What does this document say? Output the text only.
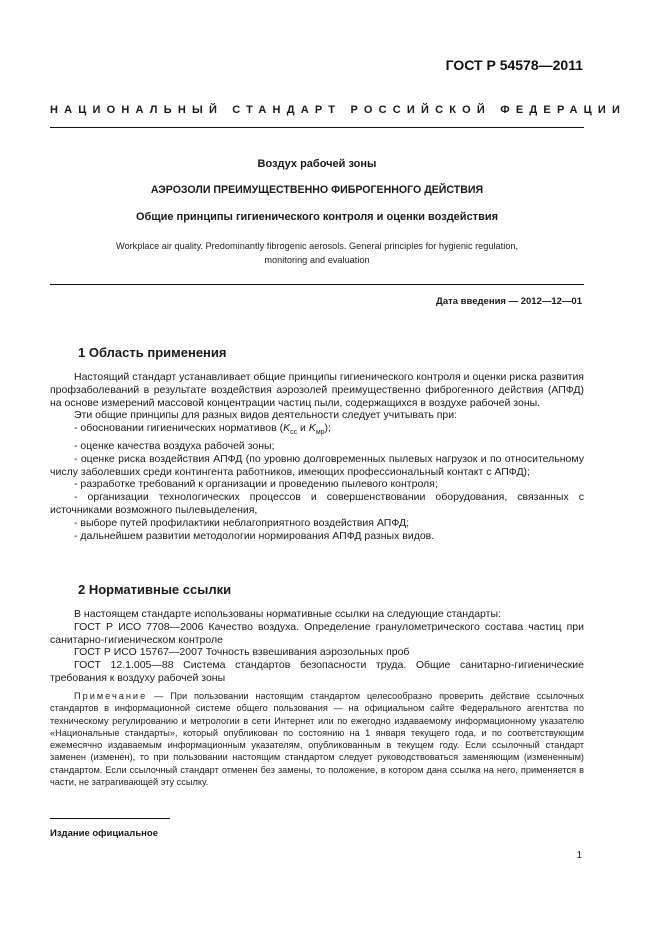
ГОСТ Р 54578—2011
НАЦИОНАЛЬНЫЙ СТАНДАРТ РОССИЙСКОЙ ФЕДЕРАЦИИ
Воздух рабочей зоны
АЭРОЗОЛИ ПРЕИМУЩЕСТВЕННО ФИБРОГЕННОГО ДЕЙСТВИЯ
Общие принципы гигиенического контроля и оценки воздействия
Workplace air quality. Predominantly fibrogenic aerosols. General principles for hygienic regulation,
monitoring and evaluation
Дата введения — 2012—12—01
1 Область применения

Настоящий стандарт устанавливает общие принципы гигиенического контроля и оценки риска развития профзаболеваний в результате воздействия аэрозолей преимущественно фиброгенного действия (АПФД) на основе измерений массовой концентрации частиц пыли, содержащихся в воздухе рабочей зоны.

Эти общие принципы для разных видов деятельности следует учитывать при:

- обосновании гигиенических нормативов ($K_{сс}$ и $K_{мр}$);

- оценке качества воздуха рабочей зоны;

- оценке риска воздействия АПФД (по уровню долговременных пылевых нагрузок и по относительному числу заболевших среди контингента работников, имеющих профессиональный контакт с АПФД);

- разработке требований к организации и проведению пылевого контроля;

- организации технологических процессов и совершенствовании оборудования, связанных с источниками возможного пылевыделения,

- выборе путей профилактики неблагоприятного воздействия АПФД;

- дальнейшем развитии методологии нормирования АПФД разных видов.

2 Нормативные ссылки

В настоящем стандарте использованы нормативные ссылки на следующие стандарты:

ГОСТ Р ИСО 7708—2006 Качество воздуха. Определение гранулометрического состава частиц при санитарно-гигиеническом контроле

ГОСТ Р ИСО 15767—2007 Точность взвешивания аэрозольных проб

ГОСТ 12.1.005—88 Система стандартов безопасности труда. Общие санитарно-гигиенические требования к воздуху рабочей зоны

Примечание — При пользовании настоящим стандартом целесообразно проверить действие ссылочных стандартов в информационной системе общего пользования — на официальном сайте Федерального агентства по техническому регулированию и метрологии в сети Интернет или по ежегодно издаваемому информационному указателю «Национальные стандарты», который опубликован по состоянию на 1 января текущего года, и по соответствующим ежемесячно издаваемым информационным указателям, опубликованным в текущем году. Если ссылочный стандарт заменен (изменен), то при пользовании настоящим стандартом следует руководствоваться заменяющим (измененным) стандартом. Если ссылочный стандарт отменен без замены, то положение, в котором дана ссылка на него, применяется в части, не затрагивающей эту ссылку.

Издание официальное
1
